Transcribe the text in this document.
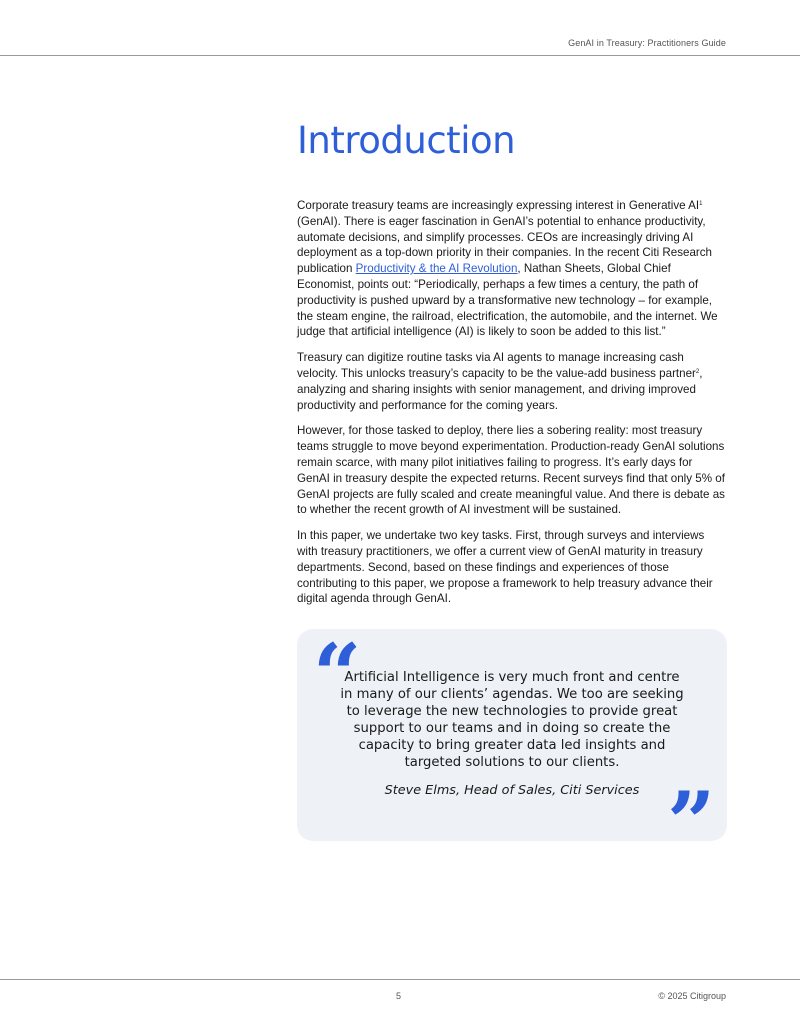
GenAI in Treasury: Practitioners Guide
Introduction

Corporate treasury teams are increasingly expressing interest in Generative $AI^1$ (GenAI). There is eager fascination in GenAI’s potential to enhance productivity, automate decisions, and simplify processes. CEOs are increasingly driving AI deployment as a top-down priority in their companies. In the recent Citi Research publication Productivity & the AI Revolution, Nathan Sheets, Global Chief Economist, points out: “Periodically, perhaps a few times a century, the path of productivity is pushed upward by a transformative new technology – for example, the steam engine, the railroad, electrification, the automobile, and the internet. We judge that artificial intelligence (AI) is likely to soon be added to this list.”

Treasury can digitize routine tasks via AI agents to manage increasing cash velocity. This unlocks treasury’s capacity to be the value-add business partner$^2$, analyzing and sharing insights with senior management, and driving improved productivity and performance for the coming years.

However, for those tasked to deploy, there lies a sobering reality: most treasury teams struggle to move beyond experimentation. Production-ready GenAI solutions remain scarce, with many pilot initiatives failing to progress. It’s early days for GenAI in treasury despite the expected returns. Recent surveys find that only 5% of GenAI projects are fully scaled and create meaningful value. And there is debate as to whether the recent growth of AI investment will be sustained.

In this paper, we undertake two key tasks. First, through surveys and interviews with treasury practitioners, we offer a current view of GenAI maturity in treasury departments. Second, based on these findings and experiences of those contributing to this paper, we propose a framework to help treasury advance their digital agenda through GenAI.

“
Artificial Intelligence is very much front and centre in many of our clients’ agendas. We too are seeking to leverage the new technologies to provide great support to our teams and in doing so create the capacity to bring greater data led insights and targeted solutions to our clients.
Steve Elms, Head of Sales, Citi Services ”
5	© 2025 Citigroup
